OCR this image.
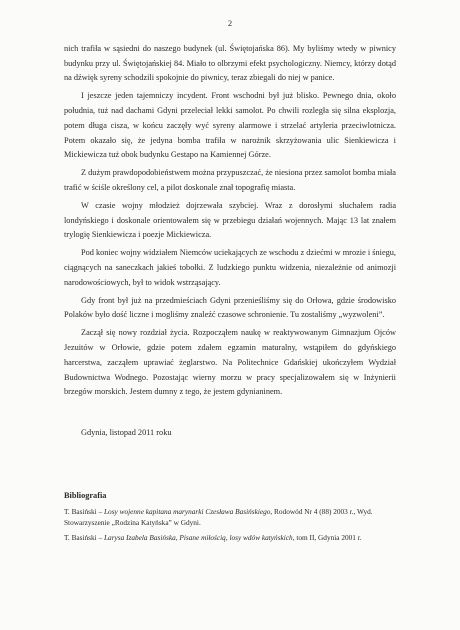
2

nich trafiła w sąsiedni do naszego budynek (ul. Świętojańska 86). My byliśmy wtedy w piwnicy budynku przy ul. Świętojańskiej 84. Miało to olbrzymi efekt psychologiczny. Niemcy, którzy dotąd na dźwięk syreny schodzili spokojnie do piwnicy, teraz zbiegali do niej w panice.

I jeszcze jeden tajemniczy incydent. Front wschodni był już blisko. Pewnego dnia, około południa, tuż nad dachami Gdyni przeleciał lekki samolot. Po chwili rozległa się silna eksplozja, potem długa cisza, w końcu zaczęły wyć syreny alarmowe i strzelać artyleria przeciwlotnicza. Potem okazało się, że jedyna bomba trafiła w narożnik skrzyżowania ulic Sienkiewicza i Mickiewicza tuż obok budynku Gestapo na Kamiennej Górze.

Z dużym prawdopodobieństwem można przypuszczać, że niesiona przez samolot bomba miała trafić w ściśle określony cel, a pilot doskonale znał topografię miasta.

W czasie wojny młodzież dojrzewała szybciej. Wraz z dorosłymi słuchałem radia londyńskiego i doskonale orientowałem się w przebiegu działań wojennych. Mając 13 lat znałem trylogię Sienkiewicza i poezje Mickiewicza.

Pod koniec wojny widziałem Niemców uciekających ze wschodu z dziećmi w mrozie i śniegu, ciągnących na saneczkach jakieś tobołki. Z ludzkiego punktu widzenia, niezależnie od animozji narodowościowych, był to widok wstrząsający.

Gdy front był już na przedmieściach Gdyni przenieśliśmy się do Orłowa, gdzie środowisko Polaków było dość liczne i mogliśmy znaleźć czasowe schronienie. Tu zostaliśmy „wyzwoleni”.

Zaczął się nowy rozdział życia. Rozpocząłem naukę w reaktywowanym Gimnazjum Ojców Jezuitów w Orłowie, gdzie potem zdałem egzamin maturalny, wstąpiłem do gdyńskiego harcerstwa, zacząłem uprawiać żeglarstwo. Na Politechnice Gdańskiej ukończyłem Wydział Budownictwa Wodnego. Pozostając wierny morzu w pracy specjalizowałem się w Inżynierii brzegów morskich. Jestem dumny z tego, że jestem gdynianinem.

Gdynia, listopad 2011 roku

Bibliografia

T. Basiński – Losy wojenne kapitana marynarki Czesława Basińskiego, Rodowód Nr 4 (88) 2003 r., Wyd. Stowarzyszenie „Rodzina Katyńska” w Gdyni.

T. Basiński – Larysa Izabela Basińska, Pisane miłością, losy wdów katyńskich, tom II, Gdynia 2001 r.
